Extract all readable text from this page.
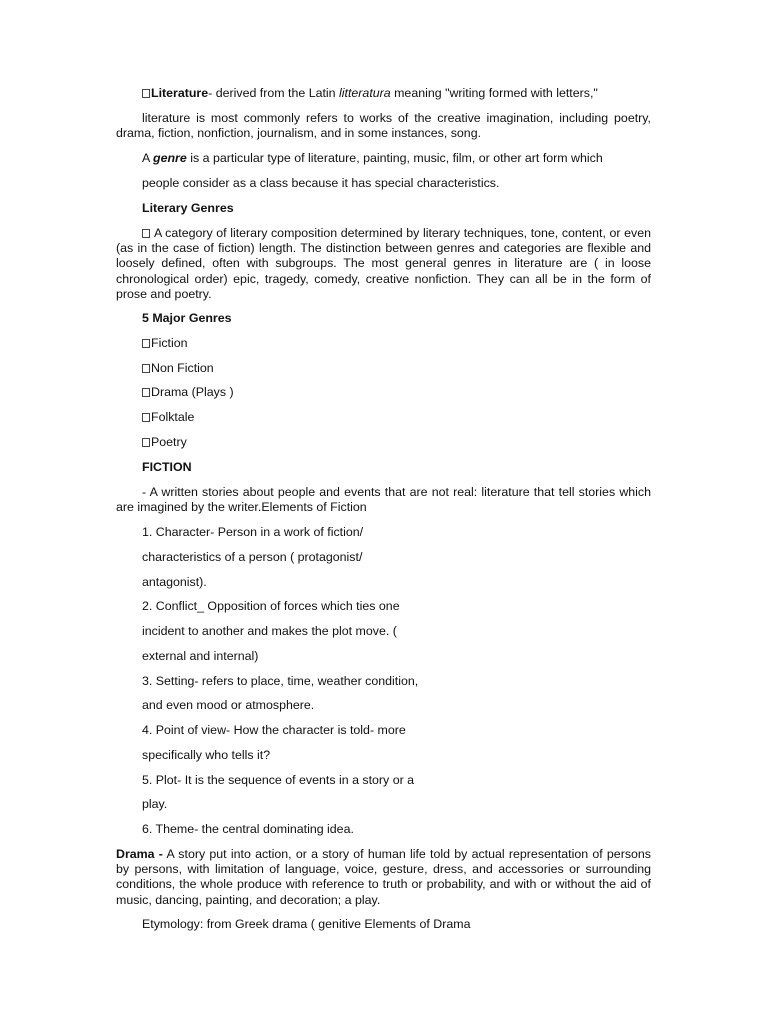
Literature- derived from the Latin litteratura meaning "writing formed with letters,"
literature is most commonly refers to works of the creative imagination, including poetry, drama, fiction, nonfiction, journalism, and in some instances, song.
A genre is a particular type of literature, painting, music, film, or other art form which
people consider as a class because it has special characteristics.
Literary Genres
A category of literary composition determined by literary techniques, tone, content, or even (as in the case of fiction) length. The distinction between genres and categories are flexible and loosely defined, often with subgroups. The most general genres in literature are ( in loose chronological order) epic, tragedy, comedy, creative nonfiction. They can all be in the form of prose and poetry.
5 Major Genres
Fiction
Non Fiction
Drama (Plays )
Folktale
Poetry
FICTION
- A written stories about people and events that are not real: literature that tell stories which are imagined by the writer.Elements of Fiction
1. Character- Person in a work of fiction/
characteristics of a person ( protagonist/
antagonist).
2. Conflict_ Opposition of forces which ties one
incident to another and makes the plot move. (
external and internal)
3. Setting- refers to place, time, weather condition,
and even mood or atmosphere.
4. Point of view- How the character is told- more
specifically who tells it?
5. Plot- It is the sequence of events in a story or a
play.
6. Theme- the central dominating idea.
Drama - A story put into action, or a story of human life told by actual representation of persons by persons, with limitation of language, voice, gesture, dress, and accessories or surrounding conditions, the whole produce with reference to truth or probability, and with or without the aid of music, dancing, painting, and decoration; a play.
Etymology: from Greek drama ( genitive Elements of Drama
